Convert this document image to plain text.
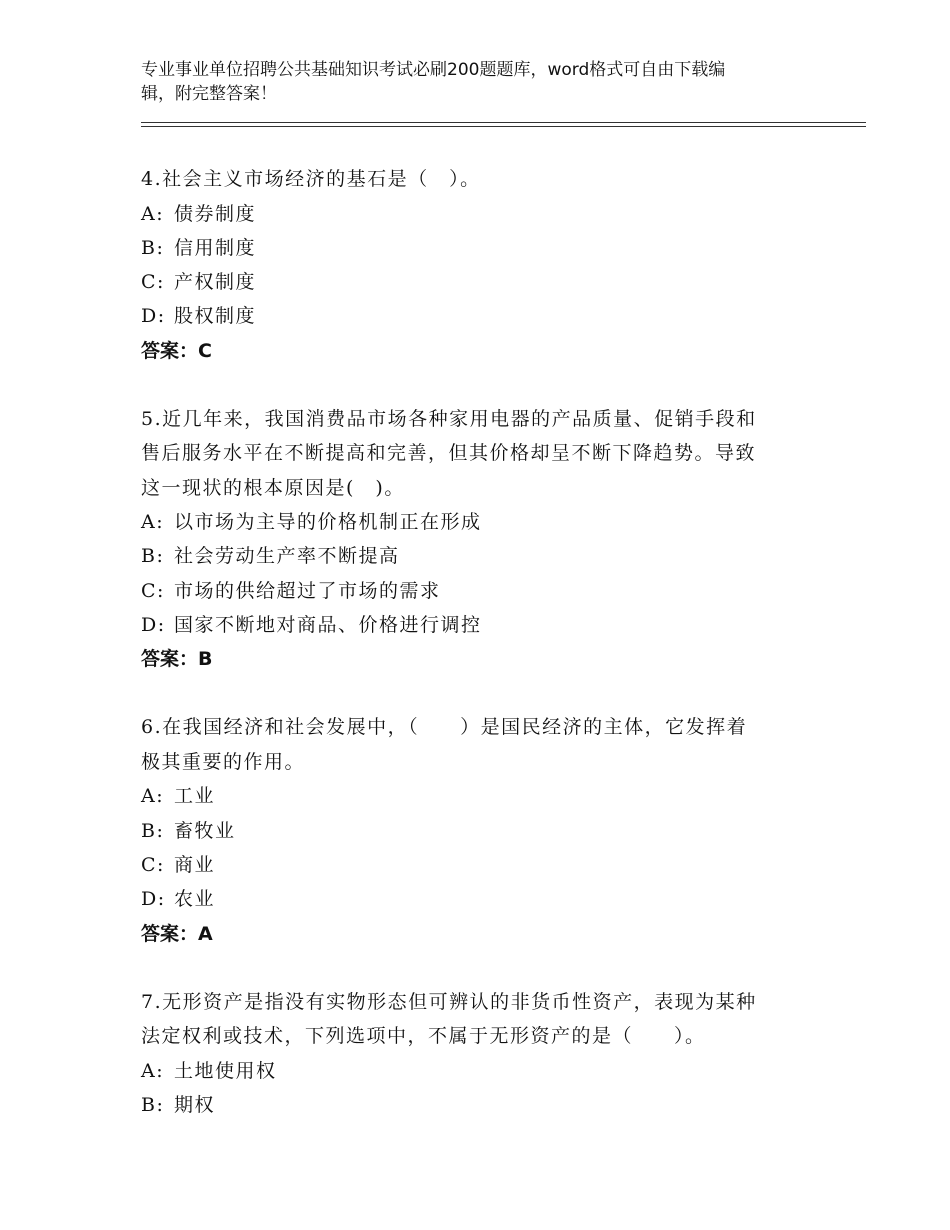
专业事业单位招聘公共基础知识考试必刷200题题库，word格式可自由下载编
辑，附完整答案！
4.社会主义市场经济的基石是（　）。
A: 债券制度
B: 信用制度
C: 产权制度
D: 股权制度
答案：C
5.近几年来，我国消费品市场各种家用电器的产品质量、促销手段和
售后服务水平在不断提高和完善，但其价格却呈不断下降趋势。导致
这一现状的根本原因是(　)。
A: 以市场为主导的价格机制正在形成
B: 社会劳动生产率不断提高
C: 市场的供给超过了市场的需求
D: 国家不断地对商品、价格进行调控
答案：B
6.在我国经济和社会发展中，（　　）是国民经济的主体，它发挥着
极其重要的作用。
A: 工业
B: 畜牧业
C: 商业
D: 农业
答案：A
7.无形资产是指没有实物形态但可辨认的非货币性资产，表现为某种
法定权利或技术，下列选项中，不属于无形资产的是（　　）。
A: 土地使用权
B: 期权
